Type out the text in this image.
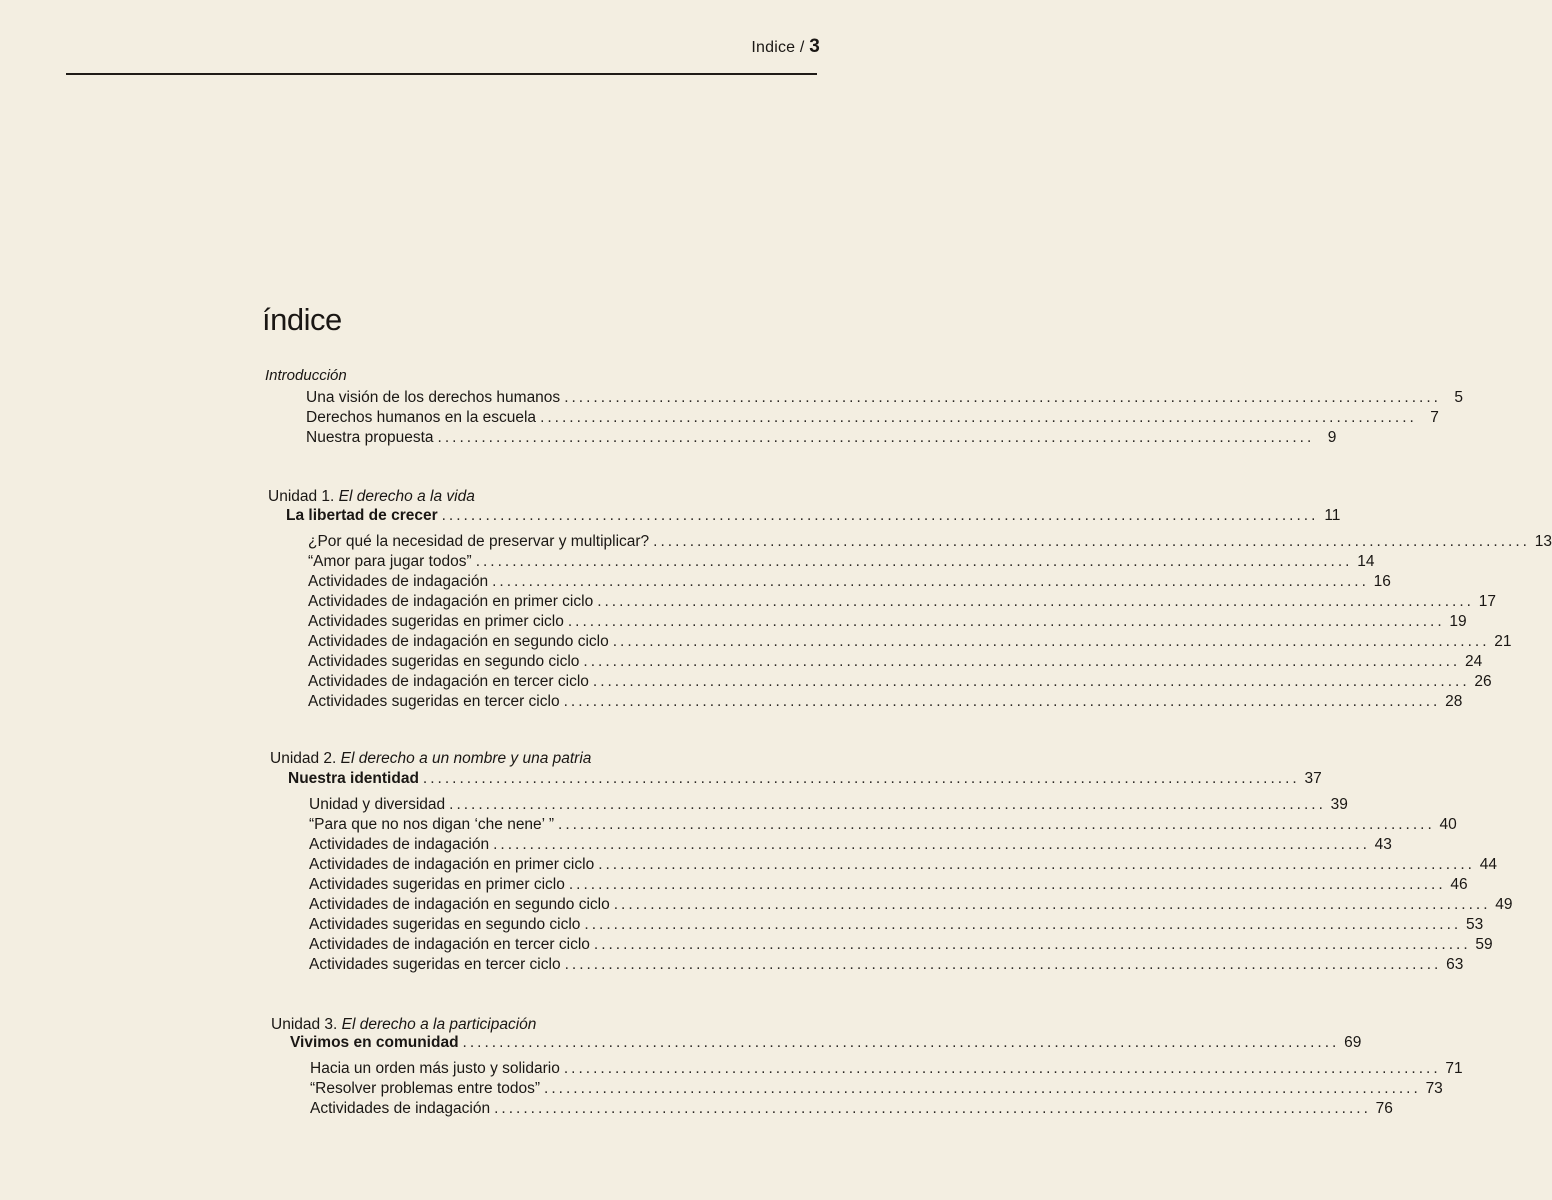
Indice / 3
índice
Introducción
Una visión de los derechos humanos ........................................................................................................................ 5
Derechos humanos en la escuela ........................................................................................................................ 7
Nuestra propuesta ........................................................................................................................ 9
Unidad 1. El derecho a la vida
La libertad de crecer ........................................................................................................................ 11
¿Por qué la necesidad de preservar y multiplicar? ........................................................................................................................ 13
“Amor para jugar todos” ........................................................................................................................ 14
Actividades de indagación ........................................................................................................................ 16
Actividades de indagación en primer ciclo ........................................................................................................................ 17
Actividades sugeridas en primer ciclo ........................................................................................................................ 19
Actividades de indagación en segundo ciclo ........................................................................................................................ 21
Actividades sugeridas en segundo ciclo ........................................................................................................................ 24
Actividades de indagación en tercer ciclo ........................................................................................................................ 26
Actividades sugeridas en tercer ciclo ........................................................................................................................ 28
Unidad 2. El derecho a un nombre y una patria
Nuestra identidad ........................................................................................................................ 37
Unidad y diversidad ........................................................................................................................ 39
“Para que no nos digan ‘che nene’ ” ........................................................................................................................ 40
Actividades de indagación ........................................................................................................................ 43
Actividades de indagación en primer ciclo ........................................................................................................................ 44
Actividades sugeridas en primer ciclo ........................................................................................................................ 46
Actividades de indagación en segundo ciclo ........................................................................................................................ 49
Actividades sugeridas en segundo ciclo ........................................................................................................................ 53
Actividades de indagación en tercer ciclo ........................................................................................................................ 59
Actividades sugeridas en tercer ciclo ........................................................................................................................ 63
Unidad 3. El derecho a la participación
Vivimos en comunidad ........................................................................................................................ 69
Hacia un orden más justo y solidario ........................................................................................................................ 71
“Resolver problemas entre todos” ........................................................................................................................ 73
Actividades de indagación ........................................................................................................................ 76
